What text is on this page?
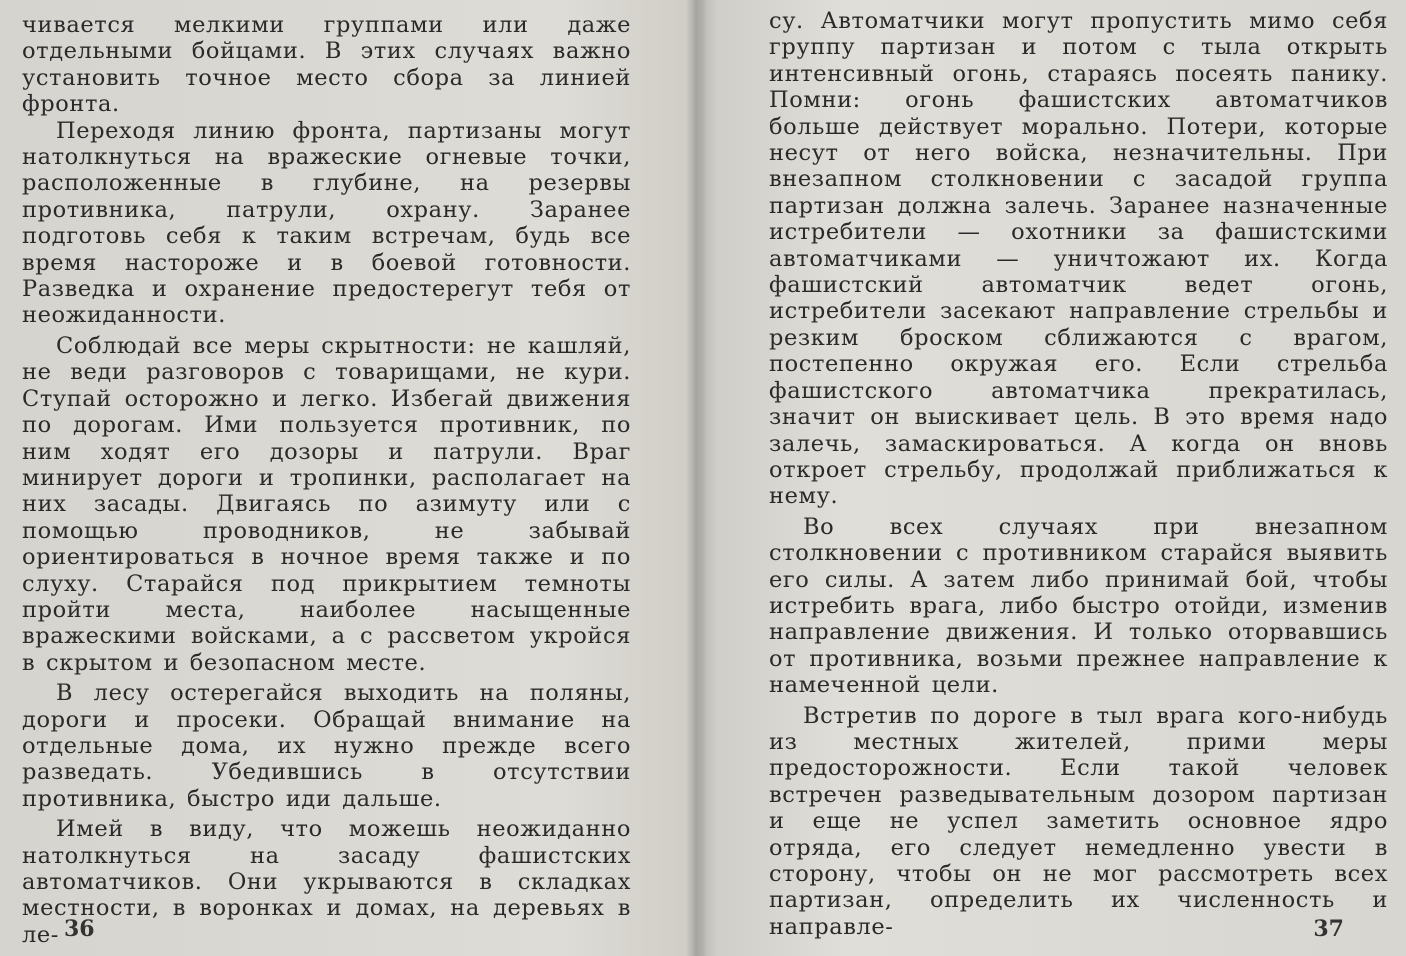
чивается мелкими группами или даже отдельными бойцами. В этих случаях важно установить точное место сбора за линией фронта.

Переходя линию фронта, партизаны могут натолкнуться на вражеские огневые точки, расположенные в глубине, на резервы противника, патрули, охрану. Заранее подготовь себя к таким встречам, будь все время настороже и в боевой готовности. Разведка и охранение предостерегут тебя от неожиданности.

Соблюдай все меры скрытности: не кашляй, не веди разговоров с товарищами, не кури. Ступай осторожно и легко. Избегай движения по дорогам. Ими пользуется противник, по ним ходят его дозоры и патрули. Враг минирует дороги и тропинки, располагает на них засады. Двигаясь по азимуту или с помощью проводников, не забывай ориентироваться в ночное время также и по слуху. Старайся под прикрытием темноты пройти места, наиболее насыщенные вражескими войсками, а с рассветом укройся в скрытом и безопасном месте.

В лесу остерегайся выходить на поляны, дороги и просеки. Обращай внимание на отдельные дома, их нужно прежде всего разведать. Убедившись в отсутствии противника, быстро иди дальше.

Имей в виду, что можешь неожиданно натолкнуться на засаду фашистских автоматчиков. Они укрываются в складках местности, в воронках и домах, на деревьях в ле- 36

су. Автоматчики могут пропустить мимо себя группу партизан и потом с тыла открыть интенсивный огонь, стараясь посеять панику. Помни: огонь фашистских автоматчиков больше действует морально. Потери, которые несут от него войска, незначительны. При внезапном столкновении с засадой группа партизан должна залечь. Заранее назначенные истребители — охотники за фашистскими автоматчиками — уничтожают их. Когда фашистский автоматчик ведет огонь, истребители засекают направление стрельбы и резким броском сближаются с врагом, постепенно окружая его. Если стрельба фашистского автоматчика прекратилась, значит он выискивает цель. В это время надо залечь, замаскироваться. А когда он вновь откроет стрельбу, продолжай приближаться к нему.

Во всех случаях при внезапном столкновении с противником старайся выявить его силы. А затем либо принимай бой, чтобы истребить врага, либо быстро отойди, изменив направление движения. И только оторвавшись от противника, возьми прежнее направление к намеченной цели.

Встретив по дороге в тыл врага кого-нибудь из местных жителей, прими меры предосторожности. Если такой человек встречен разведывательным дозором партизан и еще не успел заметить основное ядро отряда, его следует немедленно увести в сторону, чтобы он не мог рассмотреть всех партизан, определить их численность и направле-	37
